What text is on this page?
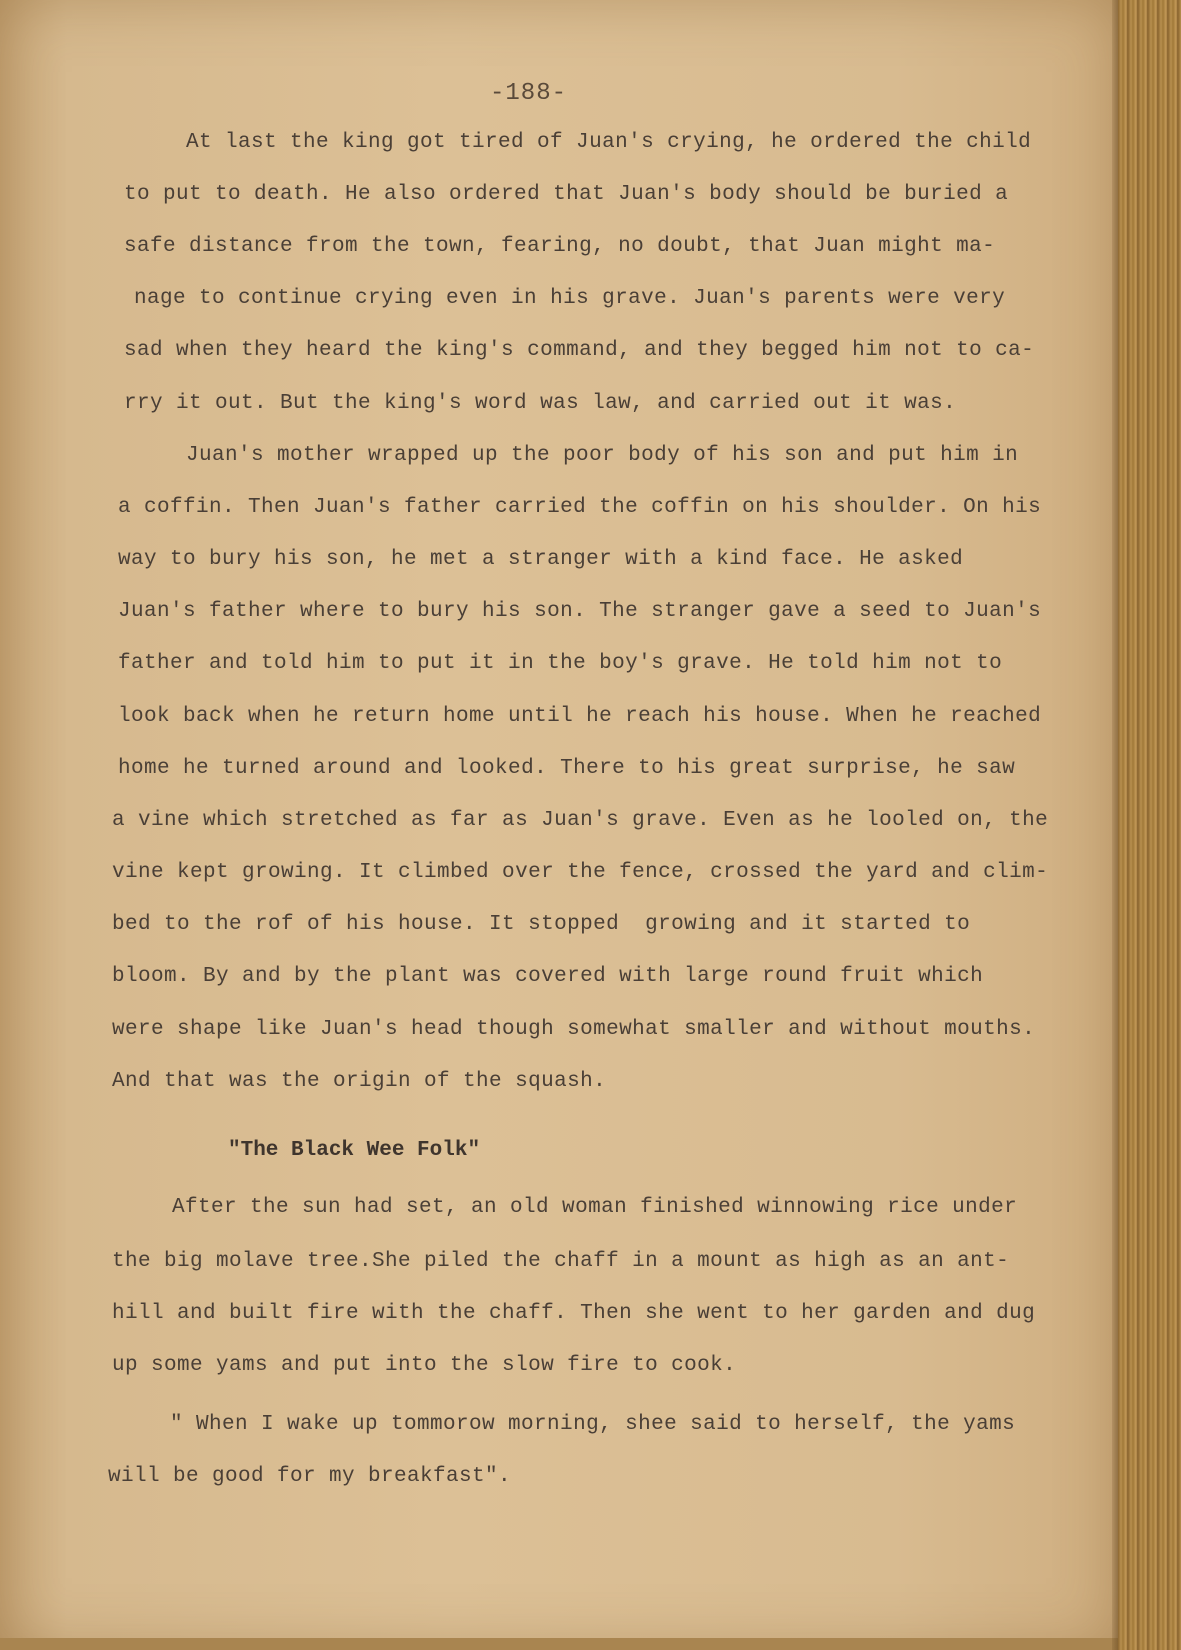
-188-
At last the king got tired of Juan's crying, he ordered the child
to put to death. He also ordered that Juan's body should be buried a
safe distance from the town, fearing, no doubt, that Juan might ma-
nage to continue crying even in his grave. Juan's parents were very
sad when they heard the king's command, and they begged him not to ca-
rry it out. But the king's word was law, and carried out it was.
Juan's mother wrapped up the poor body of his son and put him in
a coffin. Then Juan's father carried the coffin on his shoulder. On his
way to bury his son, he met a stranger with a kind face. He asked
Juan's father where to bury his son. The stranger gave a seed to Juan's
father and told him to put it in the boy's grave. He told him not to
look back when he return home until he reach his house. When he reached
home he turned around and looked. There to his great surprise, he saw
a vine which stretched as far as Juan's grave. Even as he looled on, the
vine kept growing. It climbed over the fence, crossed the yard and clim-
bed to the rof of his house. It stopped  growing and it started to
bloom. By and by the plant was covered with large round fruit which
were shape like Juan's head though somewhat smaller and without mouths.
And that was the origin of the squash.
"The Black Wee Folk"
After the sun had set, an old woman finished winnowing rice under
the big molave tree.She piled the chaff in a mount as high as an ant-
hill and built fire with the chaff. Then she went to her garden and dug
up some yams and put into the slow fire to cook.
" When I wake up tommorow morning, shee said to herself, the yams
will be good for my breakfast".
